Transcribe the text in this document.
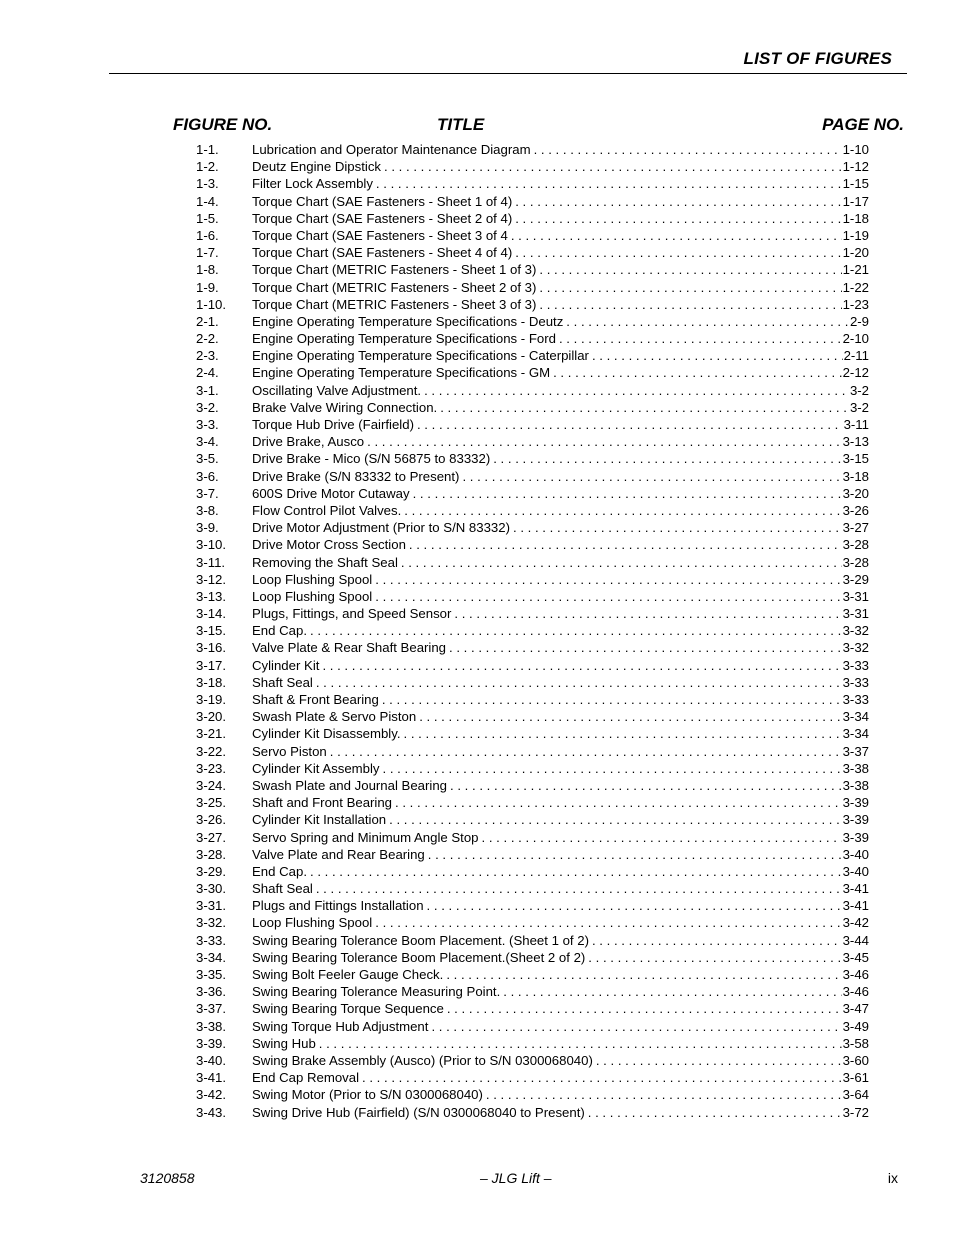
LIST OF FIGURES
FIGURE NO.	TITLE	PAGE NO.
1-1.	Lubrication and Operator Maintenance Diagram . . .	1-10
1-2.	Deutz Engine Dipstick . . .	1-12
1-3.	Filter Lock Assembly . . .	1-15
1-4.	Torque Chart (SAE Fasteners - Sheet 1 of 4) . . .	1-17
1-5.	Torque Chart (SAE Fasteners - Sheet 2 of 4) . . .	1-18
1-6.	Torque Chart (SAE Fasteners - Sheet 3 of 4 . . .	1-19
1-7.	Torque Chart (SAE Fasteners - Sheet 4 of 4) . . .	1-20
1-8.	Torque Chart (METRIC Fasteners - Sheet 1 of 3) . . .	1-21
1-9.	Torque Chart (METRIC Fasteners - Sheet 2 of 3) . . .	1-22
1-10.	Torque Chart (METRIC Fasteners - Sheet 3 of 3) . . .	1-23
2-1.	Engine Operating Temperature Specifications - Deutz . . .	2-9
2-2.	Engine Operating Temperature Specifications - Ford . . .	2-10
2-3.	Engine Operating Temperature Specifications - Caterpillar . . .	2-11
2-4.	Engine Operating Temperature Specifications - GM . . .	2-12
3-1.	Oscillating Valve Adjustment. . . .	3-2
3-2.	Brake Valve Wiring Connection. . . .	3-2
3-3.	Torque Hub Drive (Fairfield) . . .	3-11
3-4.	Drive Brake, Ausco . . .	3-13
3-5.	Drive Brake - Mico (S/N 56875 to 83332) . . .	3-15
3-6.	Drive Brake (S/N 83332 to Present) . . .	3-18
3-7.	600S Drive Motor Cutaway . . .	3-20
3-8.	Flow Control Pilot Valves. . . .	3-26
3-9.	Drive Motor Adjustment (Prior to S/N 83332) . . .	3-27
3-10.	Drive Motor Cross Section . . .	3-28
3-11.	Removing the Shaft Seal . . .	3-28
3-12.	Loop Flushing Spool . . .	3-29
3-13.	Loop Flushing Spool . . .	3-31
3-14.	Plugs, Fittings, and Speed Sensor . . .	3-31
3-15.	End Cap. . . .	3-32
3-16.	Valve Plate & Rear Shaft Bearing . . .	3-32
3-17.	Cylinder Kit . . .	3-33
3-18.	Shaft Seal . . .	3-33
3-19.	Shaft & Front Bearing . . .	3-33
3-20.	Swash Plate & Servo Piston . . .	3-34
3-21.	Cylinder Kit Disassembly. . . .	3-34
3-22.	Servo Piston . . .	3-37
3-23.	Cylinder Kit Assembly . . .	3-38
3-24.	Swash Plate and Journal Bearing . . .	3-38
3-25.	Shaft and Front Bearing . . .	3-39
3-26.	Cylinder Kit Installation . . .	3-39
3-27.	Servo Spring and Minimum Angle Stop . . .	3-39
3-28.	Valve Plate and Rear Bearing . . .	3-40
3-29.	End Cap. . . .	3-40
3-30.	Shaft Seal . . .	3-41
3-31.	Plugs and Fittings Installation . . .	3-41
3-32.	Loop Flushing Spool . . .	3-42
3-33.	Swing Bearing Tolerance Boom Placement. (Sheet 1 of 2) . . .	3-44
3-34.	Swing Bearing Tolerance Boom Placement.(Sheet 2 of 2) . . .	3-45
3-35.	Swing Bolt Feeler Gauge Check. . . .	3-46
3-36.	Swing Bearing Tolerance Measuring Point. . . .	3-46
3-37.	Swing Bearing Torque Sequence . . .	3-47
3-38.	Swing Torque Hub Adjustment . . .	3-49
3-39.	Swing Hub . . .	3-58
3-40.	Swing Brake Assembly (Ausco) (Prior to S/N 0300068040) . . .	3-60
3-41.	End Cap Removal . . .	3-61
3-42.	Swing Motor (Prior to S/N 0300068040) . . .	3-64
3-43.	Swing Drive Hub (Fairfield) (S/N 0300068040 to Present) . . .	3-72
3120858	– JLG Lift –	ix
